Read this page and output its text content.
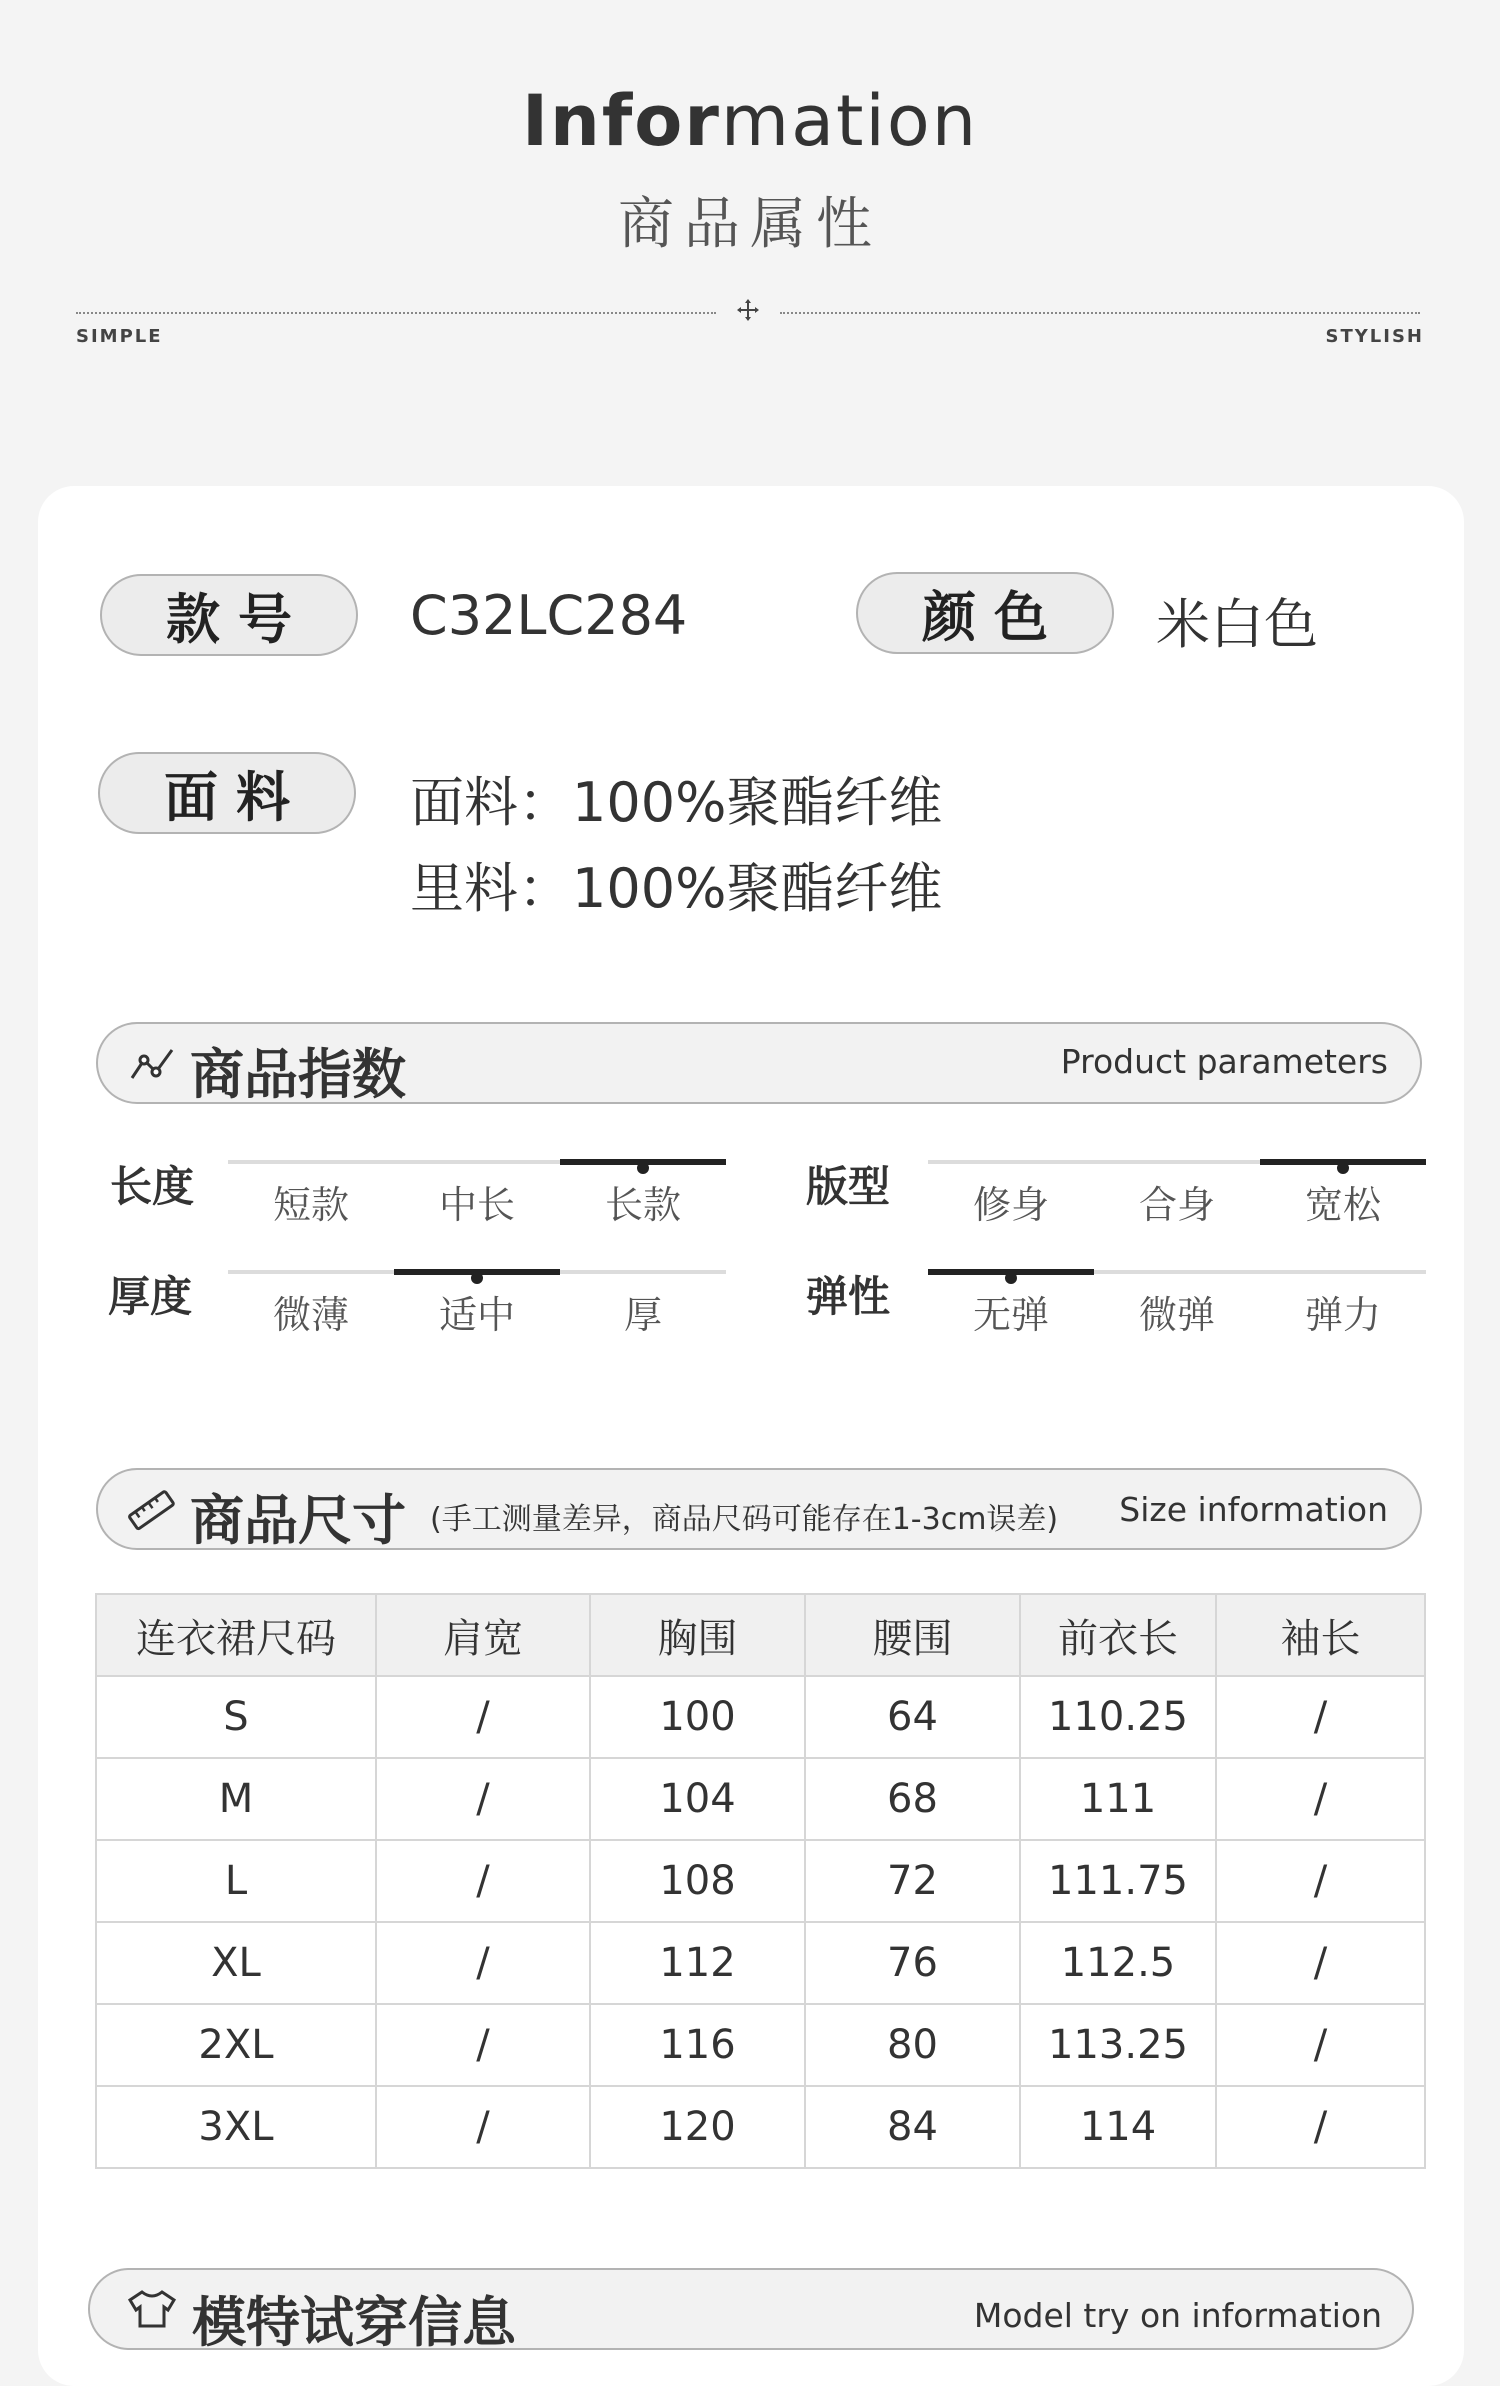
Information
商品属性
SIMPLE	STYLISH
款号 C32LC284	颜色 米白色
面料 面料：100%聚酯纤维
里料：100%聚酯纤维
商品指数	Product parameters
长度	短款	中长	长款	版型	修身	合身	宽松
厚度	微薄	适中	厚	弹性	无弹	微弹	弹力
商品尺寸 (手工测量差异，商品尺码可能存在1-3cm误差) Size information
连衣裙尺码	肩宽	胸围	腰围	前衣长	袖长
S	/	100	64	110.25	/
M	/	104	68	111	/
L	/	108	72	111.75	/
XL	/	112	76	112.5	/
2XL	/	116	80	113.25	/
3XL	/	120	84	114	/
模特试穿信息	Model try on information
